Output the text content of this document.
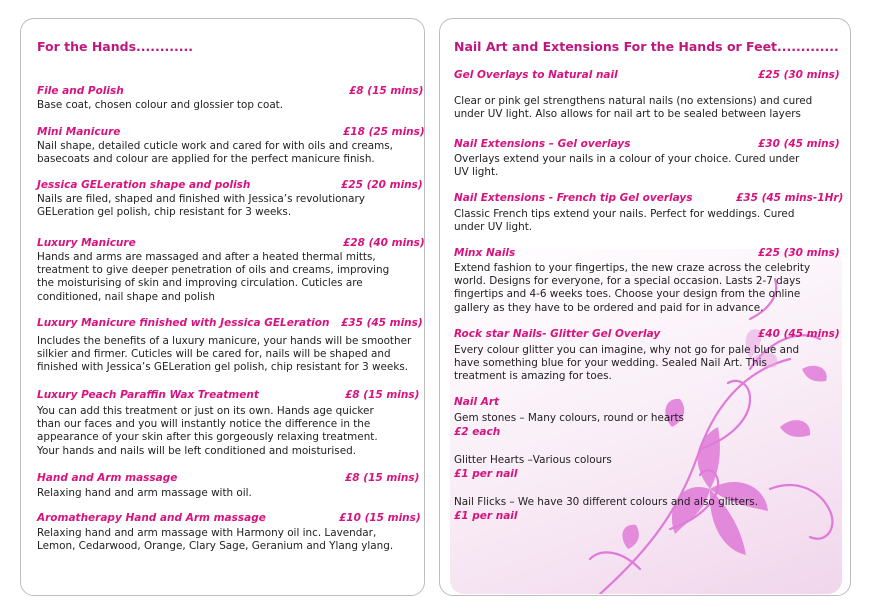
For the Hands............
File and Polish	£8 (15 mins)
Base coat, chosen colour and glossier top coat.
Mini Manicure	£18 (25 mins)
Nail shape, detailed cuticle work and cared for with oils and creams,
basecoats and colour are applied for the perfect manicure finish.
Jessica GELeration shape and polish	£25 (20 mins)
Nails are filed, shaped and finished with Jessica’s revolutionary
GELeration gel polish, chip resistant for 3 weeks.
Luxury Manicure	£28 (40 mins)
Hands and arms are massaged and after a heated thermal mitts,
treatment to give deeper penetration of oils and creams, improving
the moisturising of skin and improving circulation. Cuticles are
conditioned, nail shape and polish
Luxury Manicure finished with Jessica GELeration £35 (45 mins)
Includes the benefits of a luxury manicure, your hands will be smoother
silkier and firmer. Cuticles will be cared for, nails will be shaped and
finished with Jessica’s GELeration gel polish, chip resistant for 3 weeks.
Luxury Peach Paraffin Wax Treatment	£8 (15 mins)
You can add this treatment or just on its own. Hands age quicker
than our faces and you will instantly notice the difference in the
appearance of your skin after this gorgeously relaxing treatment.
Your hands and nails will be left conditioned and moisturised.
Hand and Arm massage	£8 (15 mins)
Relaxing hand and arm massage with oil.
Aromatherapy Hand and Arm massage	£10 (15 mins)
Relaxing hand and arm massage with Harmony oil inc. Lavendar,
Lemon, Cedarwood, Orange, Clary Sage, Geranium and Ylang ylang.
Nail Art and Extensions For the Hands or Feet.............
Gel Overlays to Natural nail	£25 (30 mins)
Clear or pink gel strengthens natural nails (no extensions) and cured
under UV light. Also allows for nail art to be sealed between layers
Nail Extensions – Gel overlays	£30 (45 mins)
Overlays extend your nails in a colour of your choice. Cured under
UV light.
Nail Extensions - French tip Gel overlays	£35 (45 mins-1Hr)
Classic French tips extend your nails. Perfect for weddings. Cured
under UV light.
Minx Nails	£25 (30 mins)
Extend fashion to your fingertips, the new craze across the celebrity
world. Designs for everyone, for a special occasion. Lasts 2-7 days
fingertips and 4-6 weeks toes. Choose your design from the online
gallery as they have to be ordered and paid for in advance.
Rock star Nails- Glitter Gel Overlay	£40 (45 mins)
Every colour glitter you can imagine, why not go for pale blue and
have something blue for your wedding. Sealed Nail Art. This
treatment is amazing for toes.
Nail Art
Gem stones – Many colours, round or hearts
£2 each
Glitter Hearts –Various colours
£1 per nail
Nail Flicks – We have 30 different colours and also glitters.
£1 per nail
